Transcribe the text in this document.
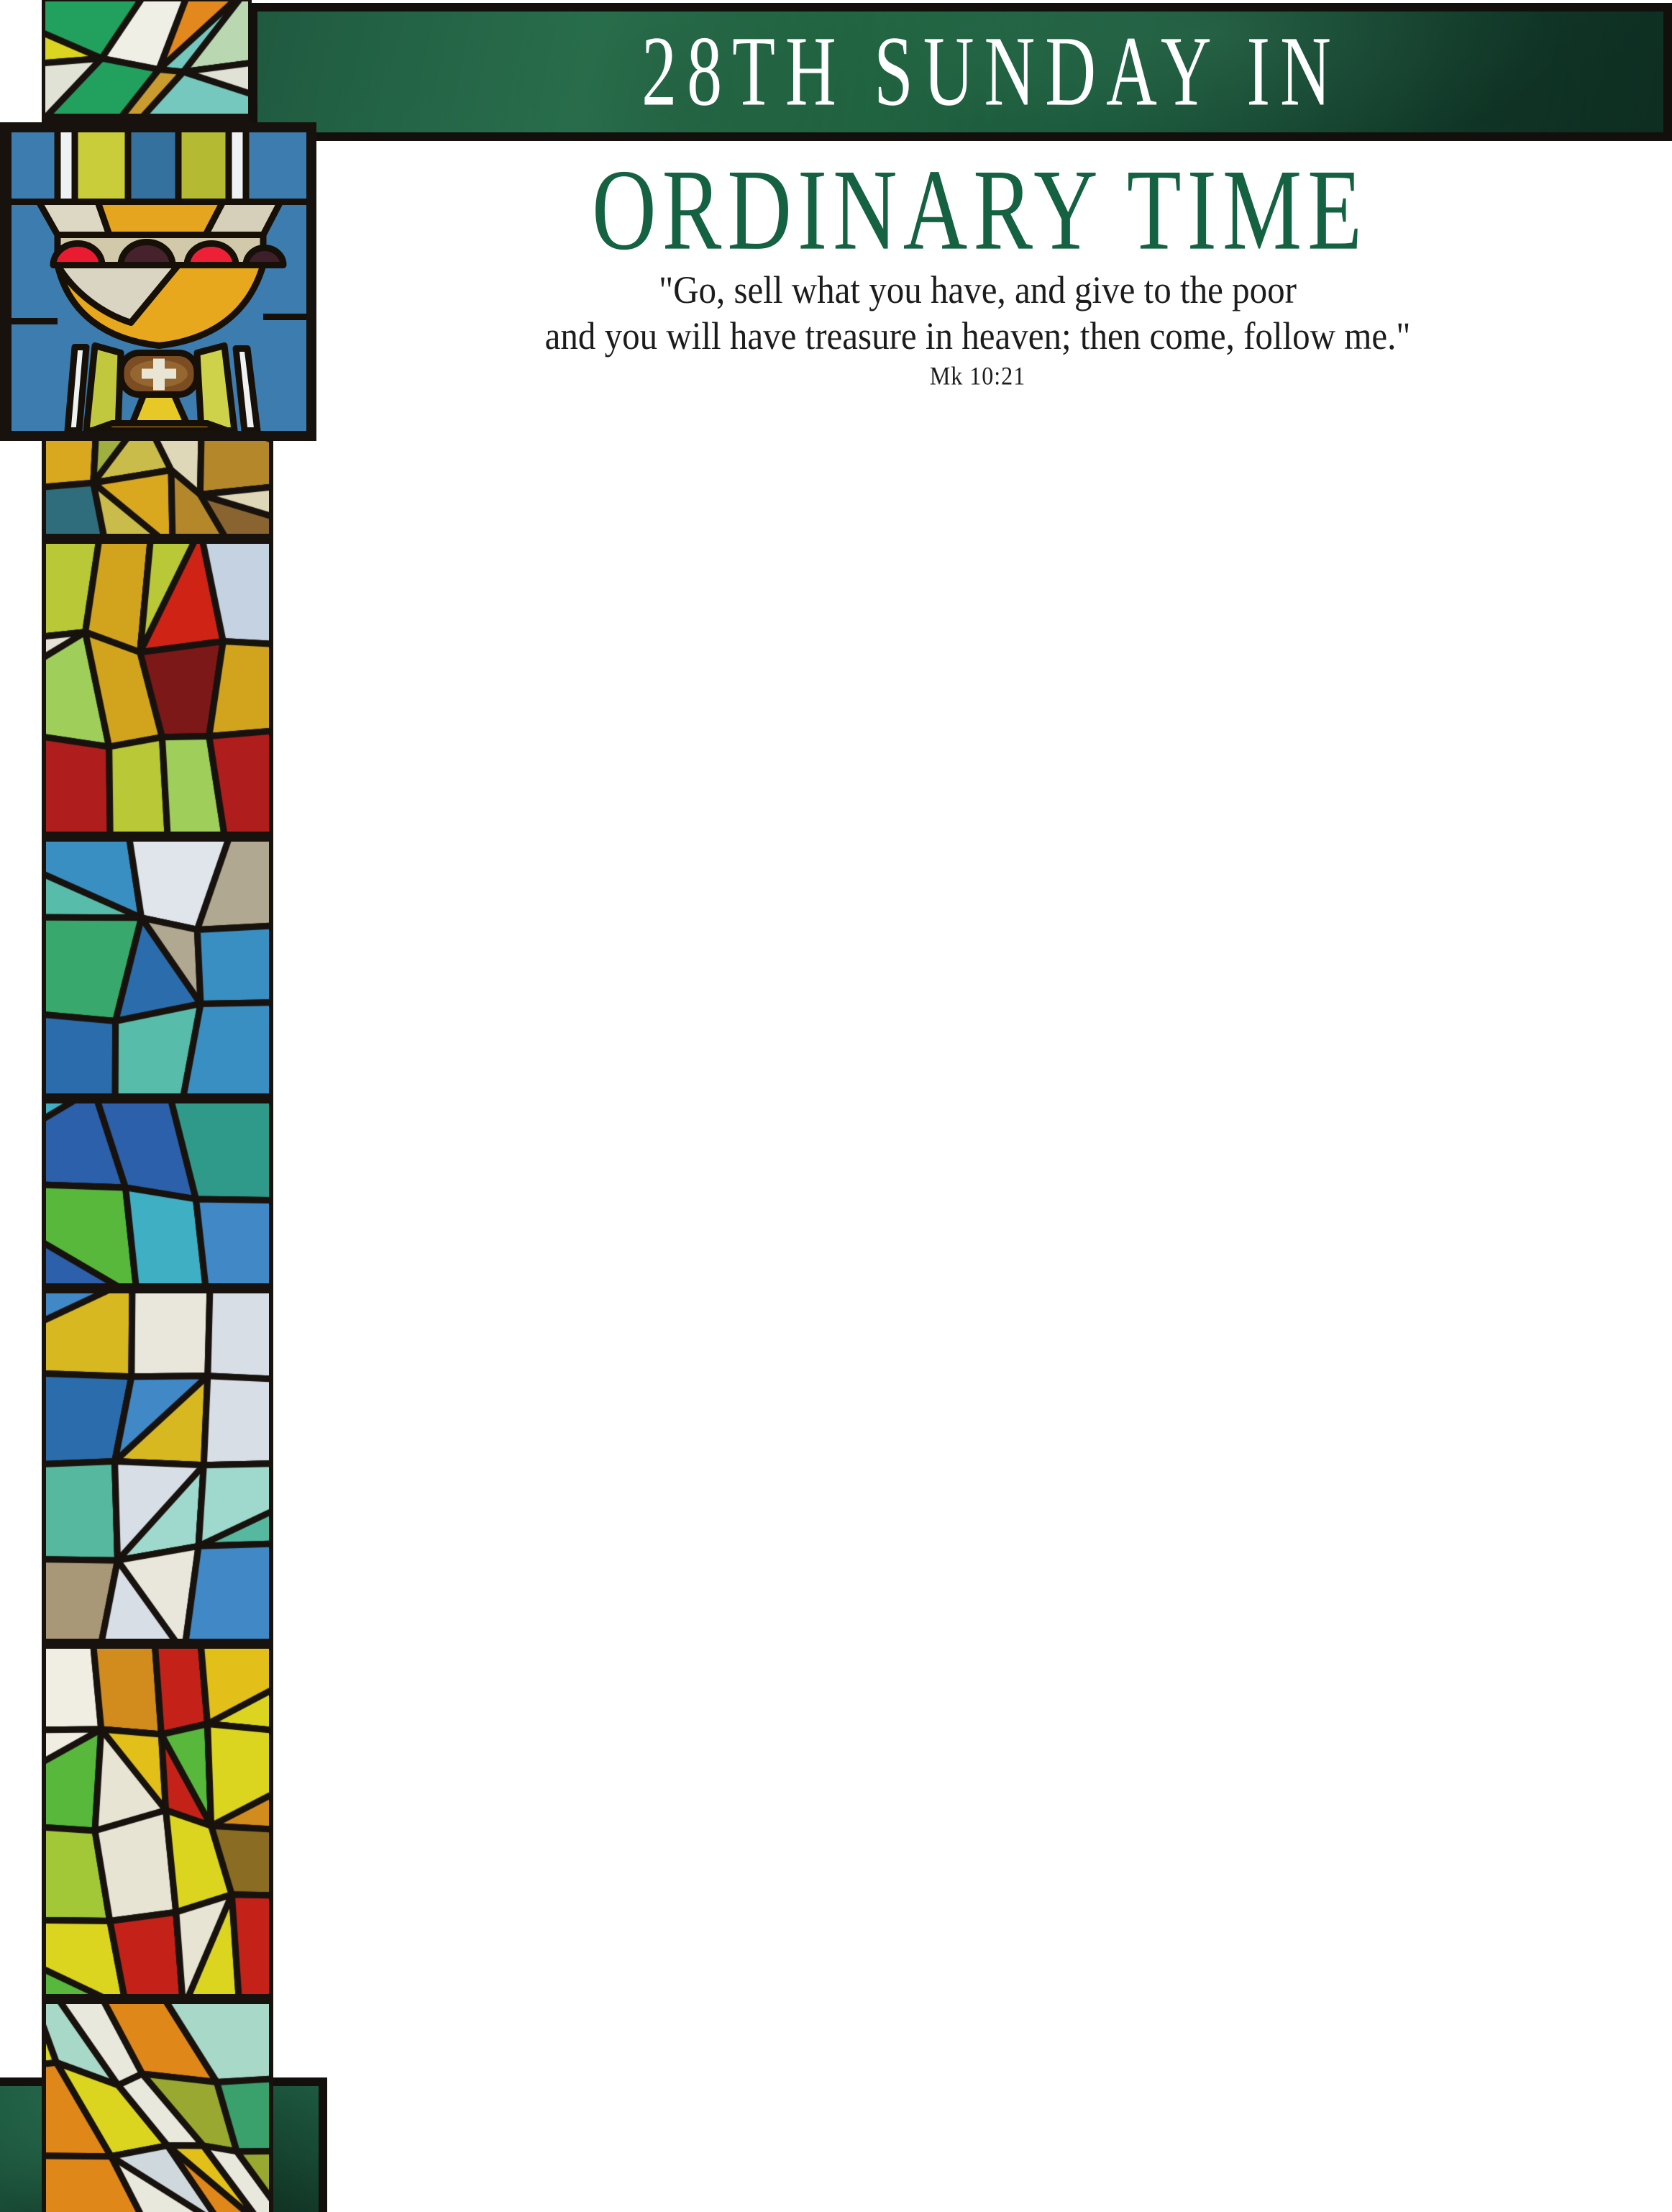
28TH SUNDAY IN
ORDINARY TIME
"Go, sell what you have, and give to the poor
and you will have treasure in heaven; then come, follow me."
Mk 10:21
